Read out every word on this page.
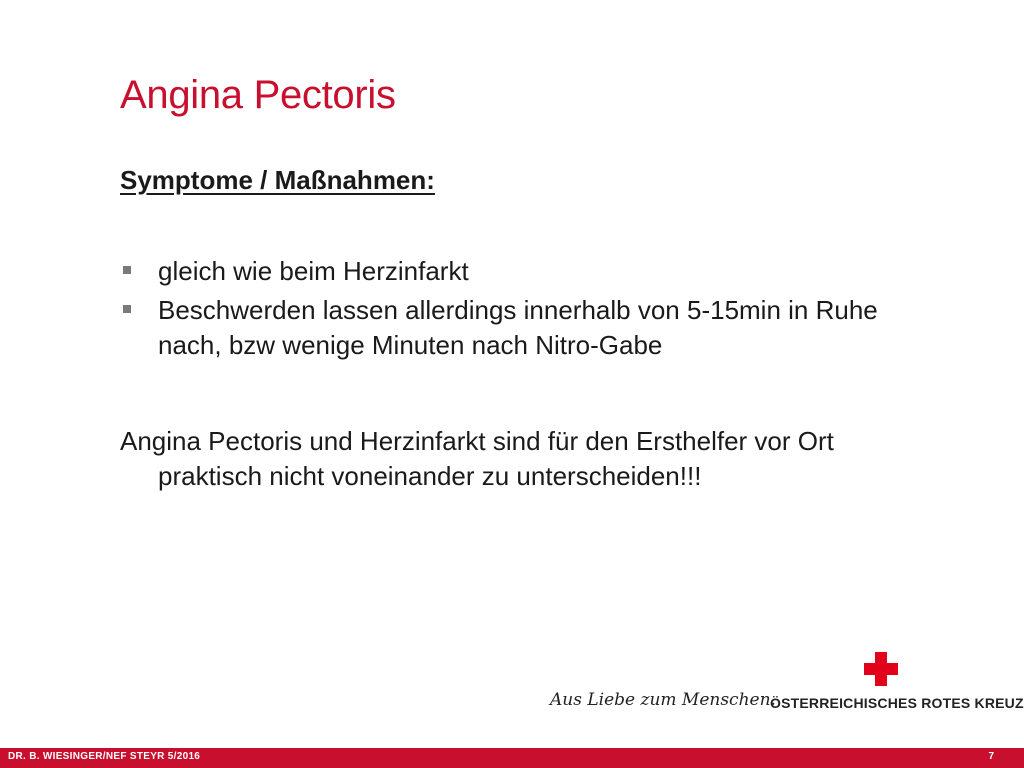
Angina Pectoris
Symptome / Maßnahmen:
gleich wie beim Herzinfarkt
Beschwerden lassen allerdings innerhalb von 5-15min in Ruhe nach, bzw wenige Minuten nach Nitro-Gabe

Angina Pectoris und Herzinfarkt sind für den Ersthelfer vor Ort praktisch nicht voneinander zu unterscheiden!!!

Aus Liebe zum Menschen.
ÖSTERREICHISCHES ROTES KREUZ
DR. B. WIESINGER/NEF STEYR 5/2016	7
